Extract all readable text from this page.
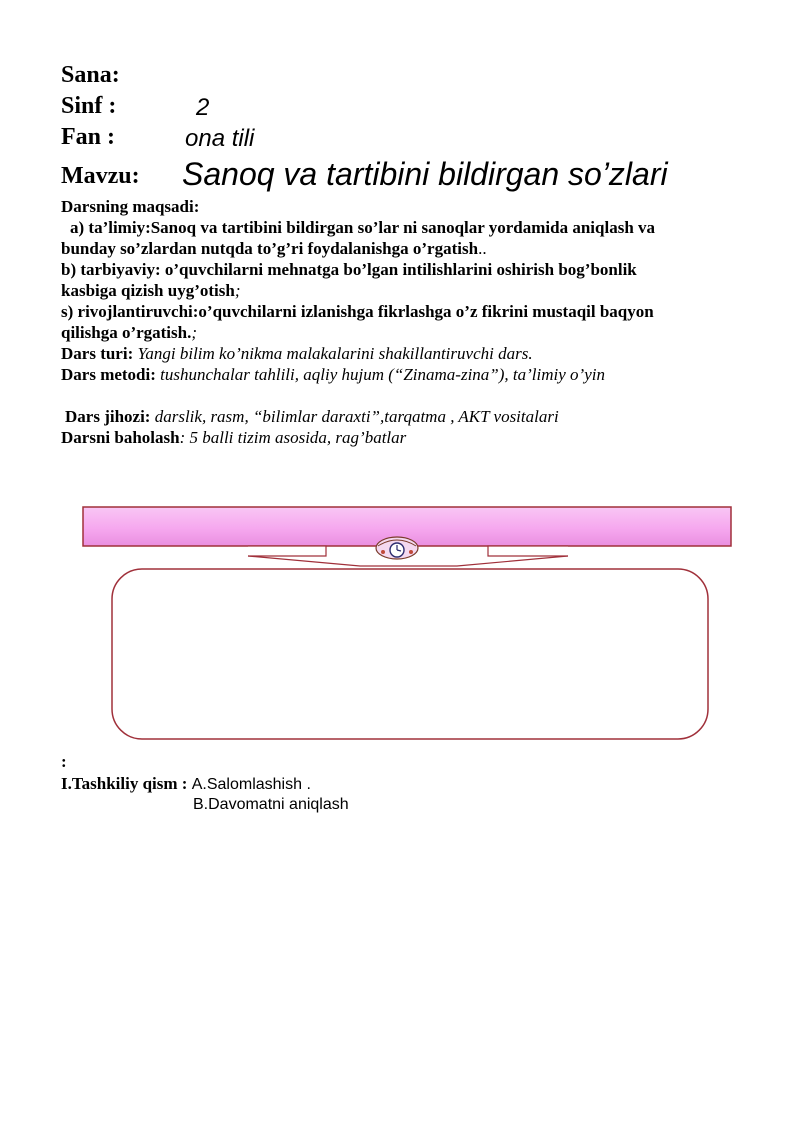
Sana:
Sinf :	2
Fan :	ona tili
Mavzu: Sanoq va tartibini bildirgan so’zlari
Darsning maqsadi:
a) ta’limiy:Sanoq va tartibini bildirgan so’lar ni sanoqlar yordamida aniqlash va
bunday so’zlardan nutqda to’g’ri foydalanishga o’rgatish..
b) tarbiyaviy: o’quvchilarni mehnatga bo’lgan intilishlarini oshirish bog’bonlik
kasbiga qizish uyg’otish;
s) rivojlantiruvchi:o’quvchilarni izlanishga fikrlashga o’z fikrini mustaqil baqyon
qilishga o’rgatish.;
Dars turi: Yangi bilim ko’nikma malakalarini shakillantiruvchi dars.
Dars metodi: tushunchalar tahlili, aqliy hujum (“Zinama-zina”), ta’limiy o’yin
Dars jihozi: darslik, rasm, “bilimlar daraxti”,tarqatma , AKT vositalari
Darsni baholash: 5 balli tizim asosida, rag’batlar
:
I.Tashkiliy qism : A.Salomlashish .
B.Davomatni aniqlash
